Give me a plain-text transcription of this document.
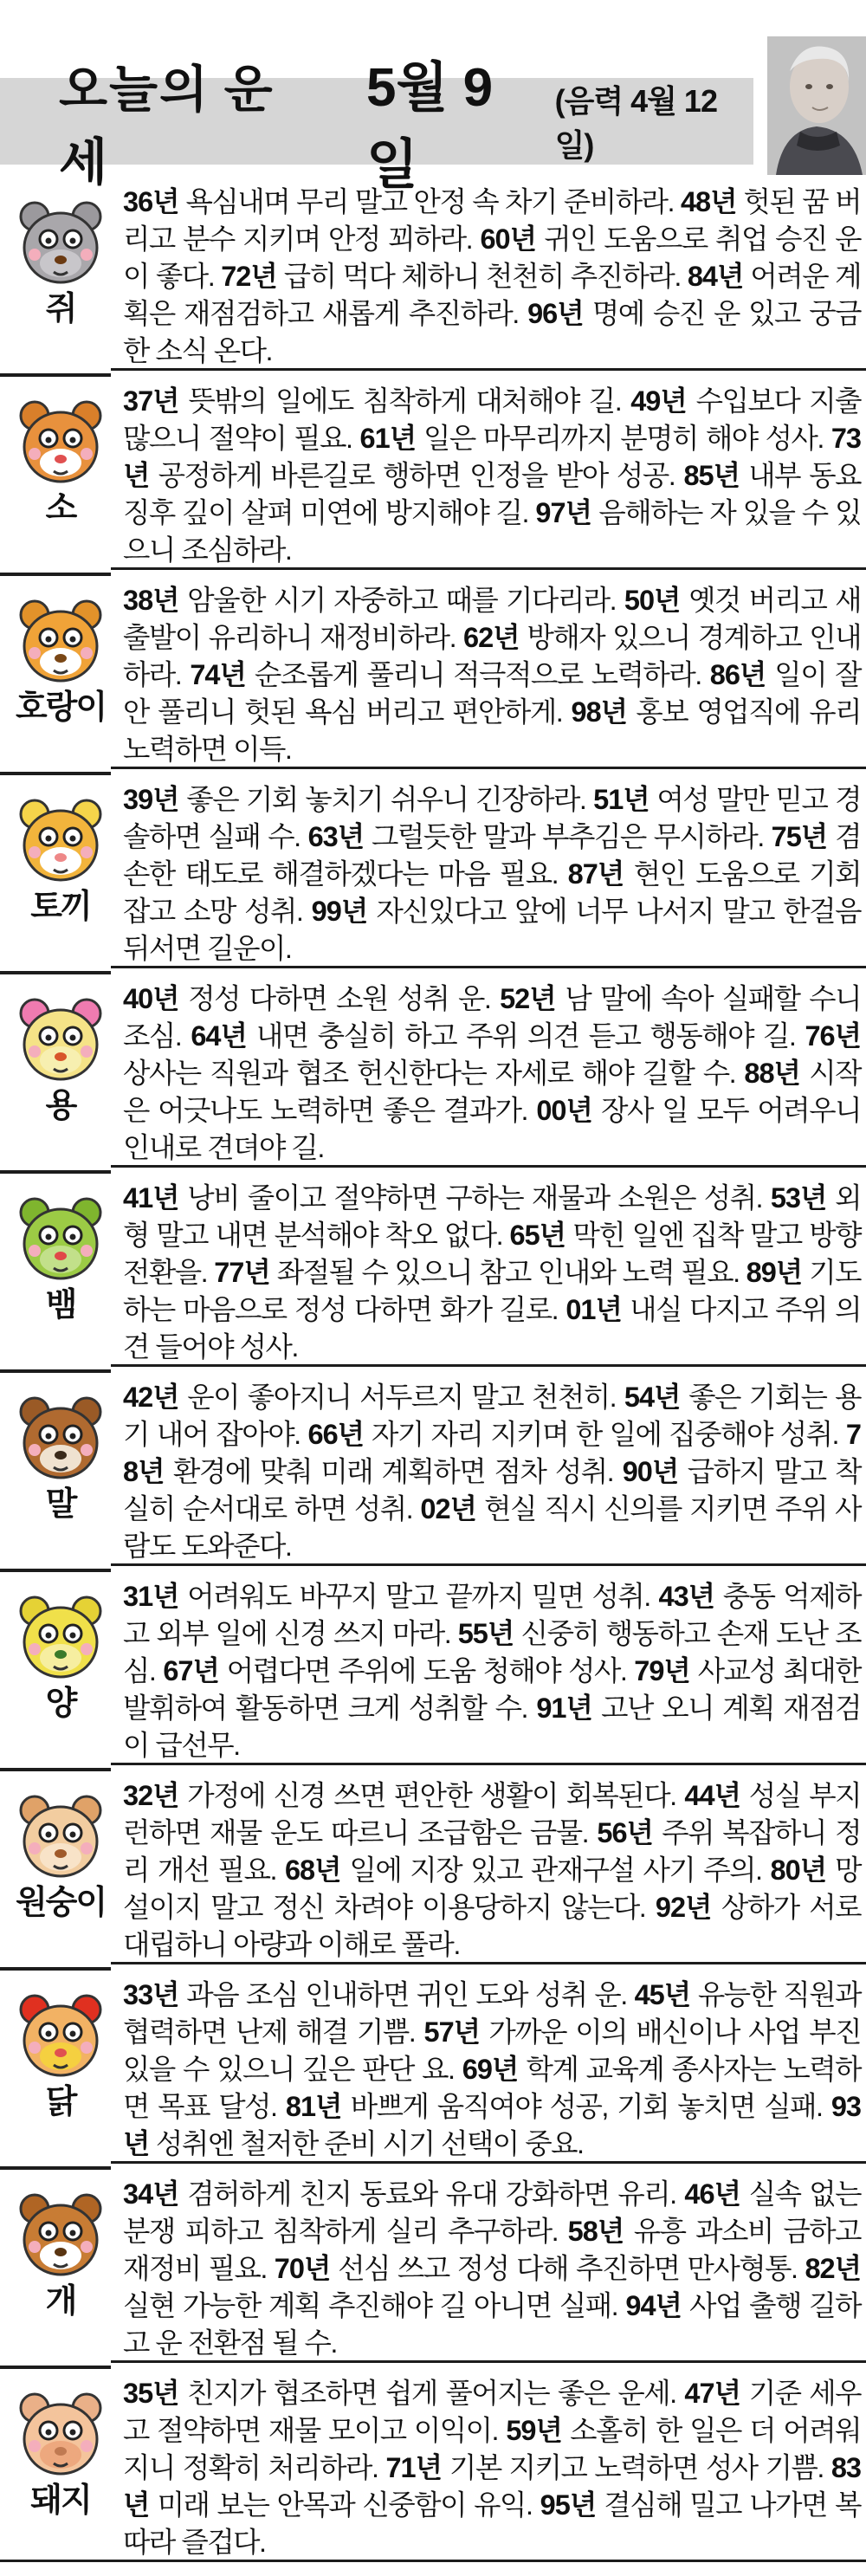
오늘의 운세
5월 9일
(음력 4월 12일)
쥐
36년 욕심내며 무리 말고 안정 속 차기 준비하라. 48년 헛된 꿈 버리고 분수 지키며 안정 꾀하라. 60년 귀인 도움으로 취업 승진 운이 좋다. 72년 급히 먹다 체하니 천천히 추진하라. 84년 어려운 계획은 재점검하고 새롭게 추진하라. 96년 명예 승진 운 있고 궁금한 소식 온다.
소
37년 뜻밖의 일에도 침착하게 대처해야 길. 49년 수입보다 지출 많으니 절약이 필요. 61년 일은 마무리까지 분명히 해야 성사. 73년 공정하게 바른길로 행하면 인정을 받아 성공. 85년 내부 동요 징후 깊이 살펴 미연에 방지해야 길. 97년 음해하는 자 있을 수 있으니 조심하라.
호랑이
38년 암울한 시기 자중하고 때를 기다리라. 50년 옛것 버리고 새출발이 유리하니 재정비하라. 62년 방해자 있으니 경계하고 인내하라. 74년 순조롭게 풀리니 적극적으로 노력하라. 86년 일이 잘 안 풀리니 헛된 욕심 버리고 편안하게. 98년 홍보 영업직에 유리 노력하면 이득.
토끼
39년 좋은 기회 놓치기 쉬우니 긴장하라. 51년 여성 말만 믿고 경솔하면 실패 수. 63년 그럴듯한 말과 부추김은 무시하라. 75년 겸손한 태도로 해결하겠다는 마음 필요. 87년 현인 도움으로 기회 잡고 소망 성취. 99년 자신있다고 앞에 너무 나서지 말고 한걸음 뒤서면 길운이.
용
40년 정성 다하면 소원 성취 운. 52년 남 말에 속아 실패할 수니 조심. 64년 내면 충실히 하고 주위 의견 듣고 행동해야 길. 76년 상사는 직원과 협조 헌신한다는 자세로 해야 길할 수. 88년 시작은 어긋나도 노력하면 좋은 결과가. 00년 장사 일 모두 어려우니 인내로 견뎌야 길.
뱀
41년 낭비 줄이고 절약하면 구하는 재물과 소원은 성취. 53년 외형 말고 내면 분석해야 착오 없다. 65년 막힌 일엔 집착 말고 방향 전환을. 77년 좌절될 수 있으니 참고 인내와 노력 필요. 89년 기도하는 마음으로 정성 다하면 화가 길로. 01년 내실 다지고 주위 의견 들어야 성사.
말
42년 운이 좋아지니 서두르지 말고 천천히. 54년 좋은 기회는 용기 내어 잡아야. 66년 자기 자리 지키며 한 일에 집중해야 성취. 78년 환경에 맞춰 미래 계획하면 점차 성취. 90년 급하지 말고 착실히 순서대로 하면 성취. 02년 현실 직시 신의를 지키면 주위 사람도 도와준다.
양
31년 어려워도 바꾸지 말고 끝까지 밀면 성취. 43년 충동 억제하고 외부 일에 신경 쓰지 마라. 55년 신중히 행동하고 손재 도난 조심. 67년 어렵다면 주위에 도움 청해야 성사. 79년 사교성 최대한 발휘하여 활동하면 크게 성취할 수. 91년 고난 오니 계획 재점검이 급선무.
원숭이
32년 가정에 신경 쓰면 편안한 생활이 회복된다. 44년 성실 부지런하면 재물 운도 따르니 조급함은 금물. 56년 주위 복잡하니 정리 개선 필요. 68년 일에 지장 있고 관재구설 사기 주의. 80년 망설이지 말고 정신 차려야 이용당하지 않는다. 92년 상하가 서로 대립하니 아량과 이해로 풀라.
닭
33년 과음 조심 인내하면 귀인 도와 성취 운. 45년 유능한 직원과 협력하면 난제 해결 기쁨. 57년 가까운 이의 배신이나 사업 부진 있을 수 있으니 깊은 판단 요. 69년 학계 교육계 종사자는 노력하면 목표 달성. 81년 바쁘게 움직여야 성공, 기회 놓치면 실패. 93년 성취엔 철저한 준비 시기 선택이 중요.
개
34년 겸허하게 친지 동료와 유대 강화하면 유리. 46년 실속 없는 분쟁 피하고 침착하게 실리 추구하라. 58년 유흥 과소비 금하고 재정비 필요. 70년 선심 쓰고 정성 다해 추진하면 만사형통. 82년 실현 가능한 계획 추진해야 길 아니면 실패. 94년 사업 출행 길하고 운 전환점 될 수.
돼지
35년 친지가 협조하면 쉽게 풀어지는 좋은 운세. 47년 기준 세우고 절약하면 재물 모이고 이익이. 59년 소홀히 한 일은 더 어려워지니 정확히 처리하라. 71년 기본 지키고 노력하면 성사 기쁨. 83년 미래 보는 안목과 신중함이 유익. 95년 결심해 밀고 나가면 복 따라 즐겁다.
